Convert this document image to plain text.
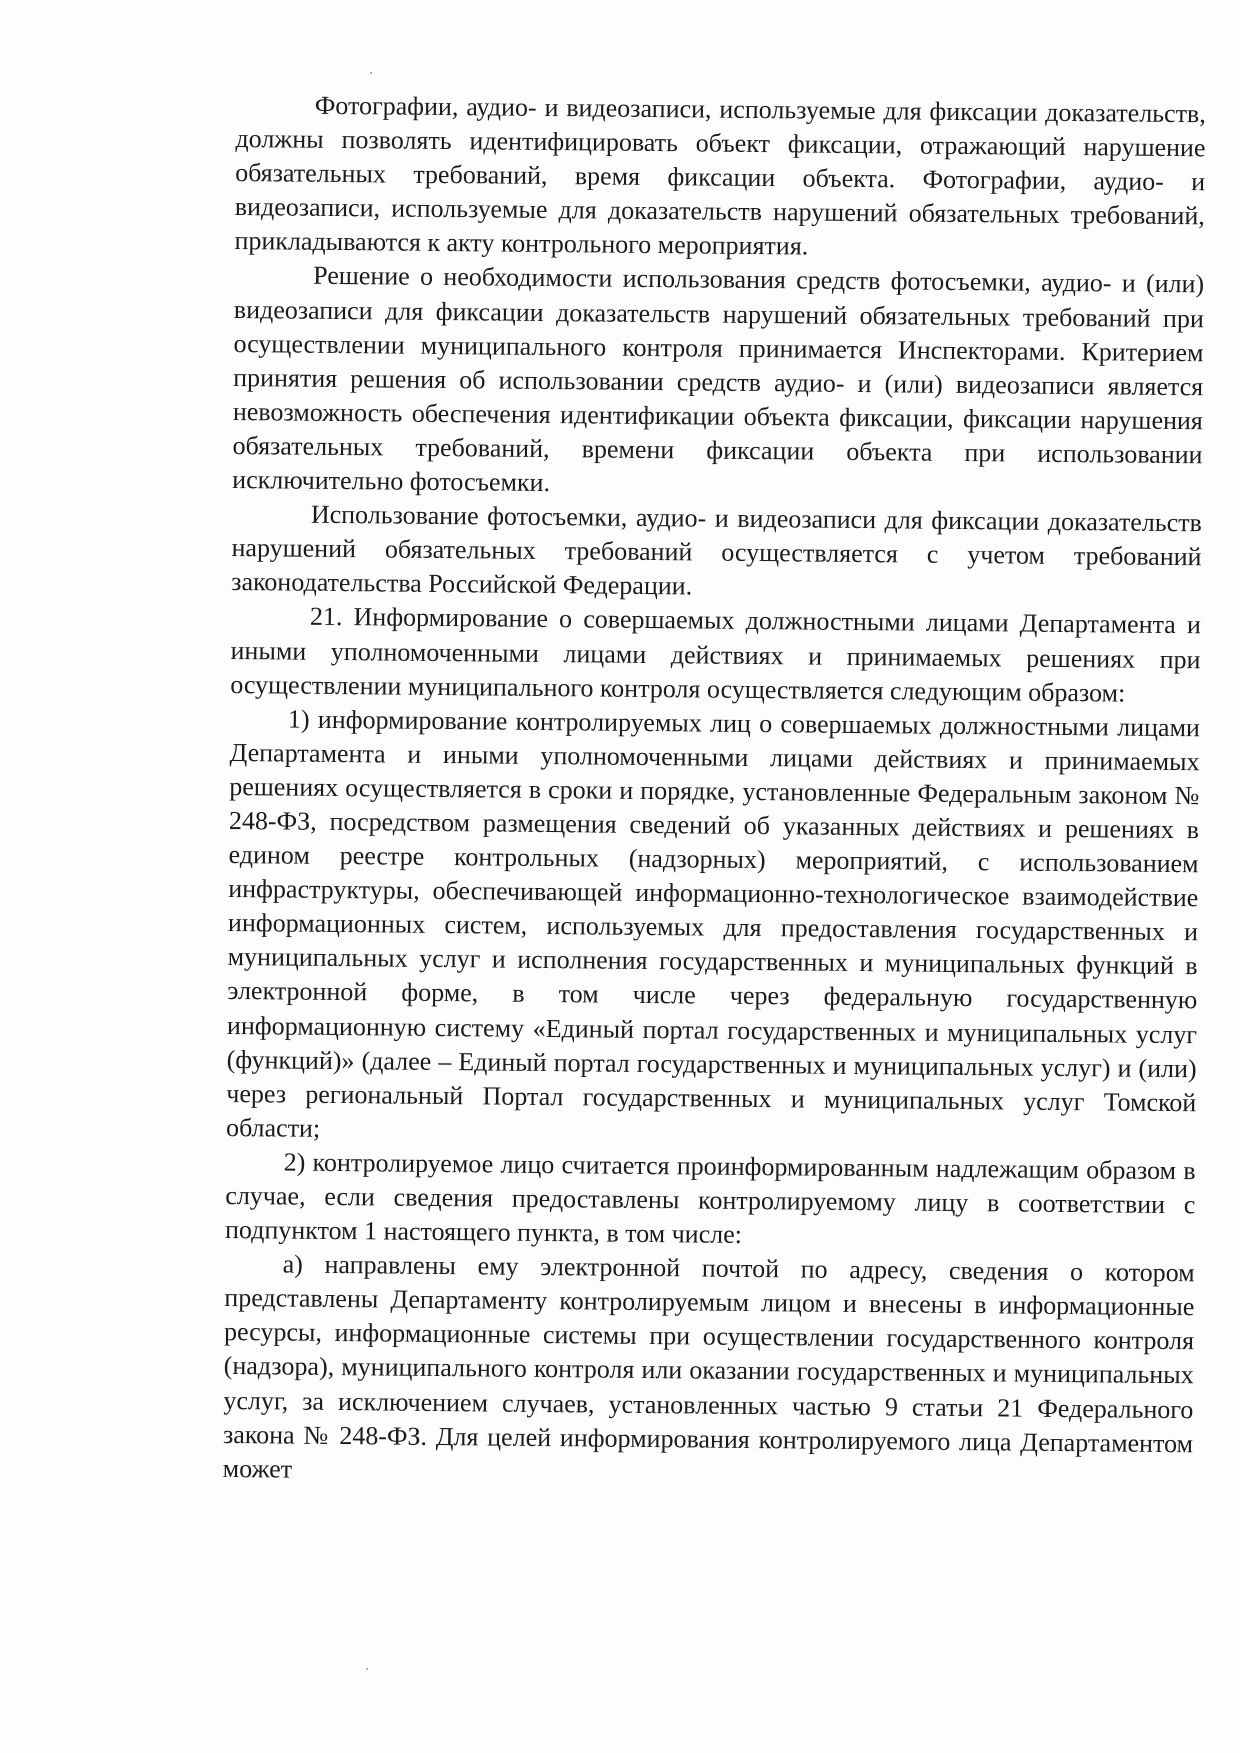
Фотографии, аудио- и видеозаписи, используемые для фиксации доказательств, должны позволять идентифицировать объект фиксации, отражающий нарушение обязательных требований, время фиксации объекта. Фотографии, аудио- и видеозаписи, используемые для доказательств нарушений обязательных требований, прикладываются к акту контрольного мероприятия.

Решение о необходимости использования средств фотосъемки, аудио- и (или) видеозаписи для фиксации доказательств нарушений обязательных требований при осуществлении муниципального контроля принимается Инспекторами. Критерием принятия решения об использовании средств аудио- и (или) видеозаписи является невозможность обеспечения идентификации объекта фиксации, фиксации нарушения обязательных требований, времени фиксации объекта при использовании исключительно фотосъемки.

Использование фотосъемки, аудио- и видеозаписи для фиксации доказательств нарушений обязательных требований осуществляется с учетом требований законодательства Российской Федерации.

21. Информирование о совершаемых должностными лицами Департамента и иными уполномоченными лицами действиях и принимаемых решениях при осуществлении муниципального контроля осуществляется следующим образом:

1) информирование контролируемых лиц о совершаемых должностными лицами Департамента и иными уполномоченными лицами действиях и принимаемых решениях осуществляется в сроки и порядке, установленные Федеральным законом № 248-ФЗ, посредством размещения сведений об указанных действиях и решениях в едином реестре контрольных (надзорных) мероприятий, с использованием инфраструктуры, обеспечивающей информационно-технологическое взаимодействие информационных систем, используемых для предоставления государственных и муниципальных услуг и исполнения государственных и муниципальных функций в электронной форме, в том числе через федеральную государственную информационную систему «Единый портал государственных и муниципальных услуг (функций)» (далее – Единый портал государственных и муниципальных услуг) и (или) через региональный Портал государственных и муниципальных услуг Томской области;

2) контролируемое лицо считается проинформированным надлежащим образом в случае, если сведения предоставлены контролируемому лицу в соответствии с подпунктом 1 настоящего пункта, в том числе:

а) направлены ему электронной почтой по адресу, сведения о котором представлены Департаменту контролируемым лицом и внесены в информационные ресурсы, информационные системы при осуществлении государственного контроля (надзора), муниципального контроля или оказании государственных и муниципальных услуг, за исключением случаев, установленных частью 9 статьи 21 Федерального закона № 248-ФЗ. Для целей информирования контролируемого лица Департаментом может
